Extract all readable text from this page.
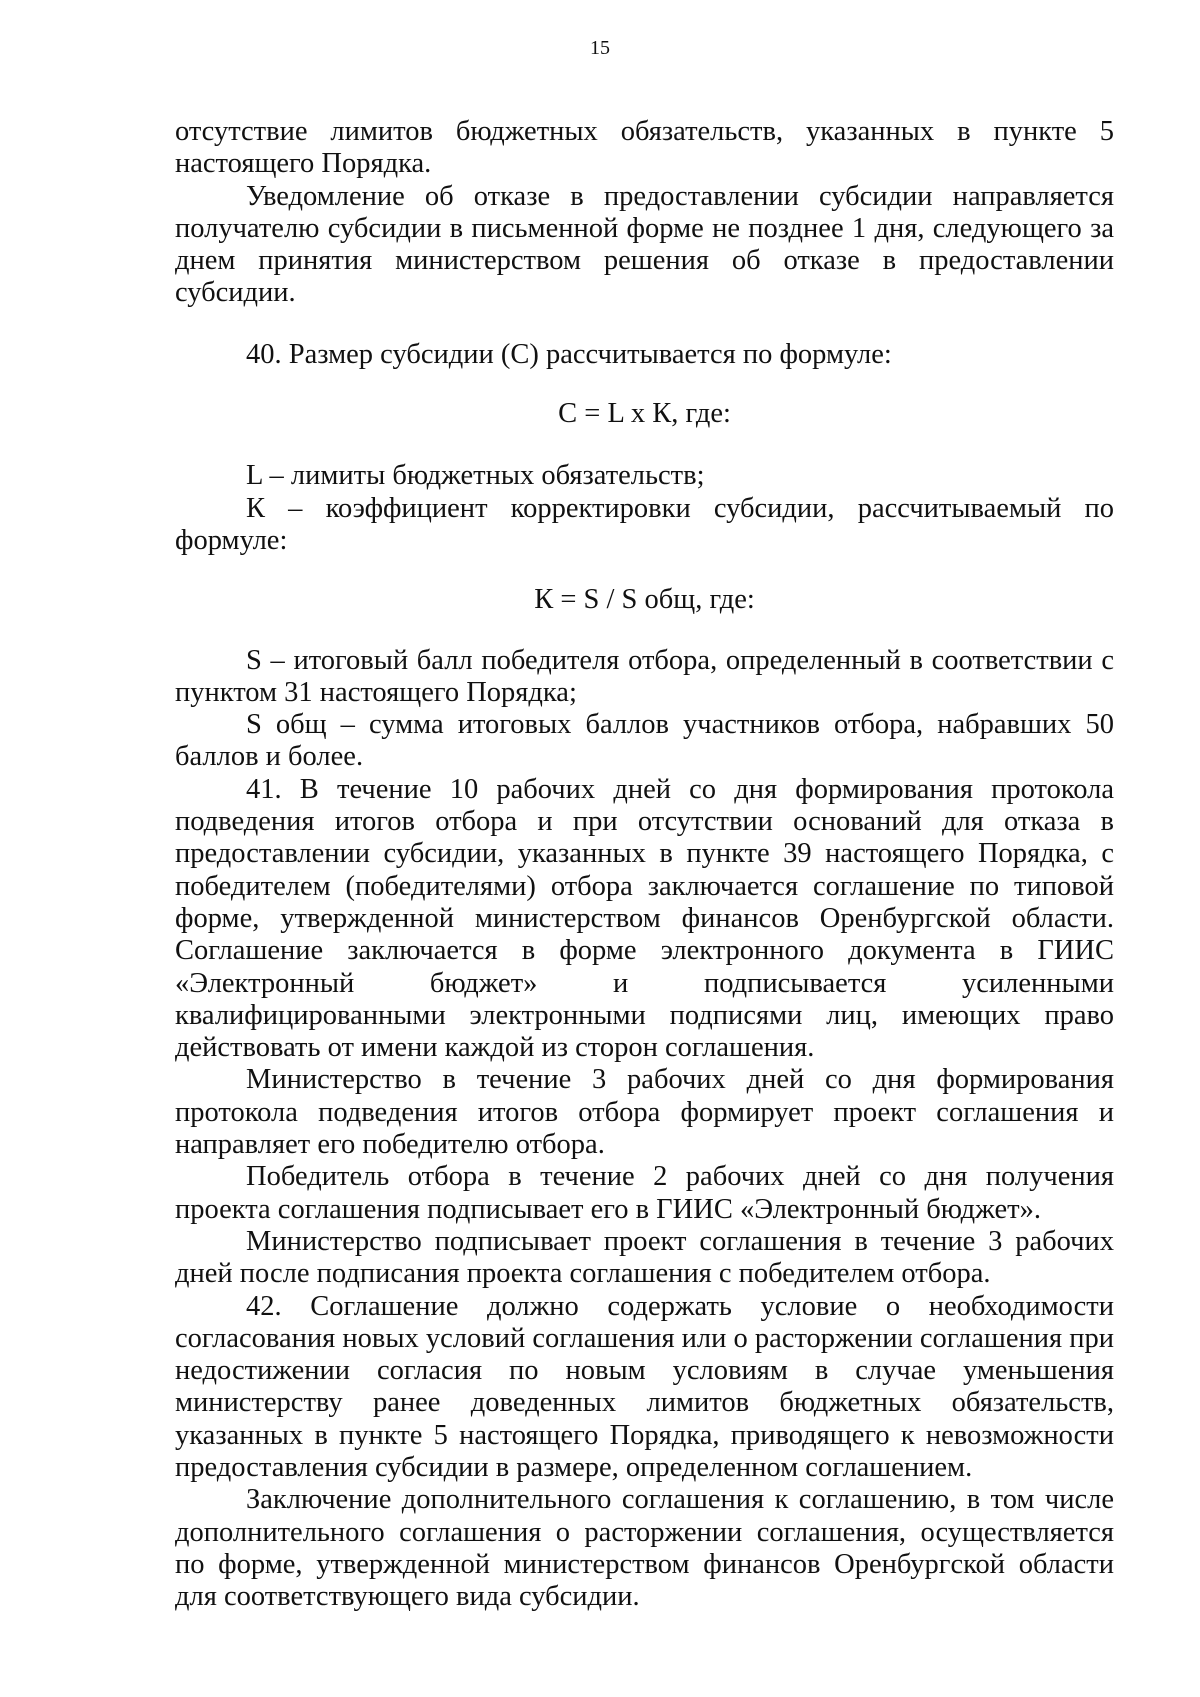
15

отсутствие лимитов бюджетных обязательств, указанных в пункте 5 настоящего Порядка.

Уведомление об отказе в предоставлении субсидии направляется получателю субсидии в письменной форме не позднее 1 дня, следующего за днем принятия министерством решения об отказе в предоставлении субсидии.

40. Размер субсидии (С) рассчитывается по формуле:

С = L х К, где:

L – лимиты бюджетных обязательств;

К – коэффициент корректировки субсидии, рассчитываемый по формуле:

К = S / S общ, где:

S – итоговый балл победителя отбора, определенный в соответствии с пунктом 31 настоящего Порядка;

S общ – сумма итоговых баллов участников отбора, набравших 50 баллов и более.

41. В течение 10 рабочих дней со дня формирования протокола подведения итогов отбора и при отсутствии оснований для отказа в предоставлении субсидии, указанных в пункте 39 настоящего Порядка, с победителем (победителями) отбора заключается соглашение по типовой форме, утвержденной министерством финансов Оренбургской области. Соглашение заключается в форме электронного документа в ГИИС «Электронный бюджет» и подписывается усиленными квалифицированными электронными подписями лиц, имеющих право действовать от имени каждой из сторон соглашения.

Министерство в течение 3 рабочих дней со дня формирования протокола подведения итогов отбора формирует проект соглашения и направляет его победителю отбора.

Победитель отбора в течение 2 рабочих дней со дня получения проекта соглашения подписывает его в ГИИС «Электронный бюджет».

Министерство подписывает проект соглашения в течение 3 рабочих дней после подписания проекта соглашения с победителем отбора.

42. Соглашение должно содержать условие о необходимости согласования новых условий соглашения или о расторжении соглашения при недостижении согласия по новым условиям в случае уменьшения министерству ранее доведенных лимитов бюджетных обязательств, указанных в пункте 5 настоящего Порядка, приводящего к невозможности предоставления субсидии в размере, определенном соглашением.

Заключение дополнительного соглашения к соглашению, в том числе дополнительного соглашения о расторжении соглашения, осуществляется по форме, утвержденной министерством финансов Оренбургской области для соответствующего вида субсидии.
